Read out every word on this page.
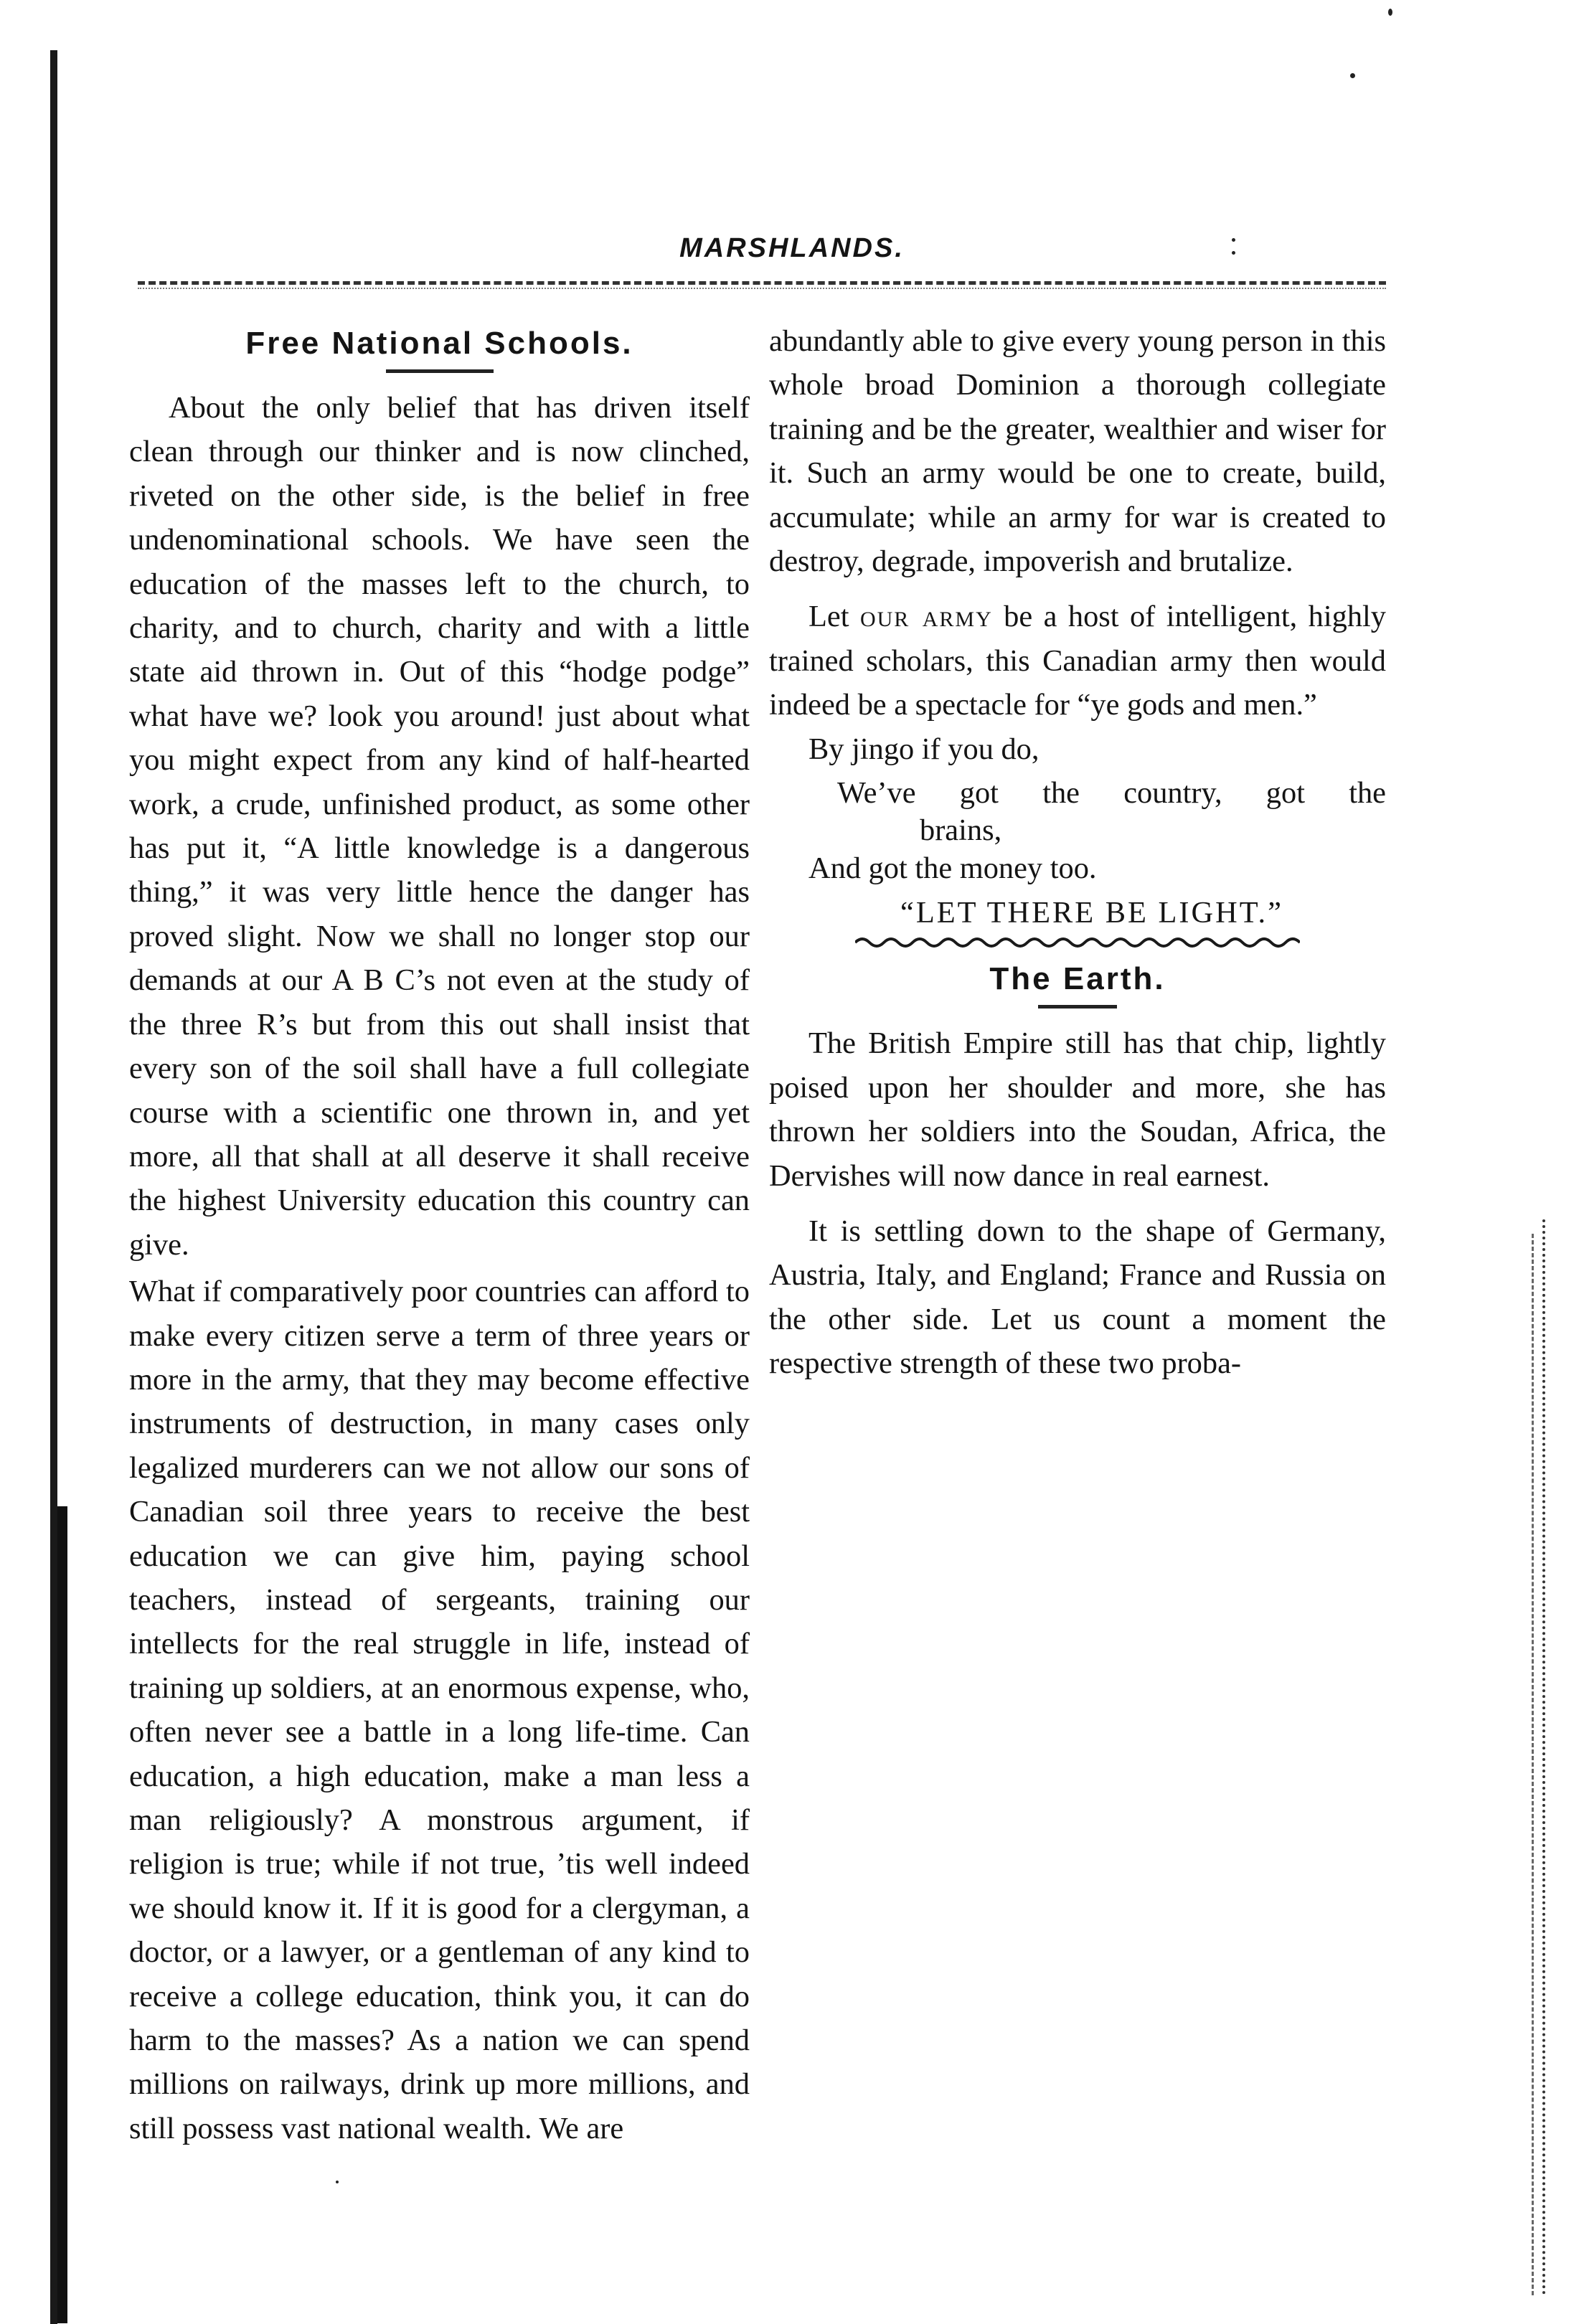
MARSHLANDS.
Free National Schools.

About the only belief that has driven itself clean through our thinker and is now clinched, riveted on the other side, is the belief in free undenominational schools. We have seen the education of the masses left to the church, to charity, and to church, charity and with a little state aid thrown in. Out of this “hodge podge” what have we? look you around! just about what you might expect from any kind of half-hearted work, a crude, unfinished product, as some other has put it, “A little knowledge is a dangerous thing,” it was very little hence the danger has proved slight. Now we shall no longer stop our demands at our A B C’s not even at the study of the three R’s but from this out shall insist that every son of the soil shall have a full collegiate course with a scientific one thrown in, and yet more, all that shall at all deserve it shall receive the highest University education this country can give.

What if comparatively poor countries can afford to make every citizen serve a term of three years or more in the army, that they may become effective instruments of destruction, in many cases only legalized murderers can we not allow our sons of Canadian soil three years to receive the best education we can give him, paying school teachers, instead of sergeants, training our intellects for the real struggle in life, instead of training up soldiers, at an enormous expense, who, often never see a battle in a long life-time. Can education, a high education, make a man less a man religiously? A monstrous argument, if religion is true; while if not true, ’tis well indeed we should know it. If it is good for a clergyman, a doctor, or a lawyer, or a gentleman of any kind to receive a college education, think you, it can do harm to the masses? As a nation we can spend millions on railways, drink up more millions, and still possess vast national wealth. We are

abundantly able to give every young person in this whole broad Dominion a thorough collegiate training and be the greater, wealthier and wiser for it. Such an army would be one to create, build, accumulate; while an army for war is created to destroy, degrade, impoverish and brutalize.

Let our army be a host of intelligent, highly trained scholars, this Canadian army then would indeed be a spectacle for “ye gods and men.”

By jingo if you do,

We’ve got the country, got the

brains,

And got the money too.

“LET THERE BE LIGHT.”

The Earth.

The British Empire still has that chip, lightly poised upon her shoulder and more, she has thrown her soldiers into the Soudan, Africa, the Dervishes will now dance in real earnest.

It is settling down to the shape of Germany, Austria, Italy, and England; France and Russia on the other side. Let us count a moment the respective strength of these two proba-
